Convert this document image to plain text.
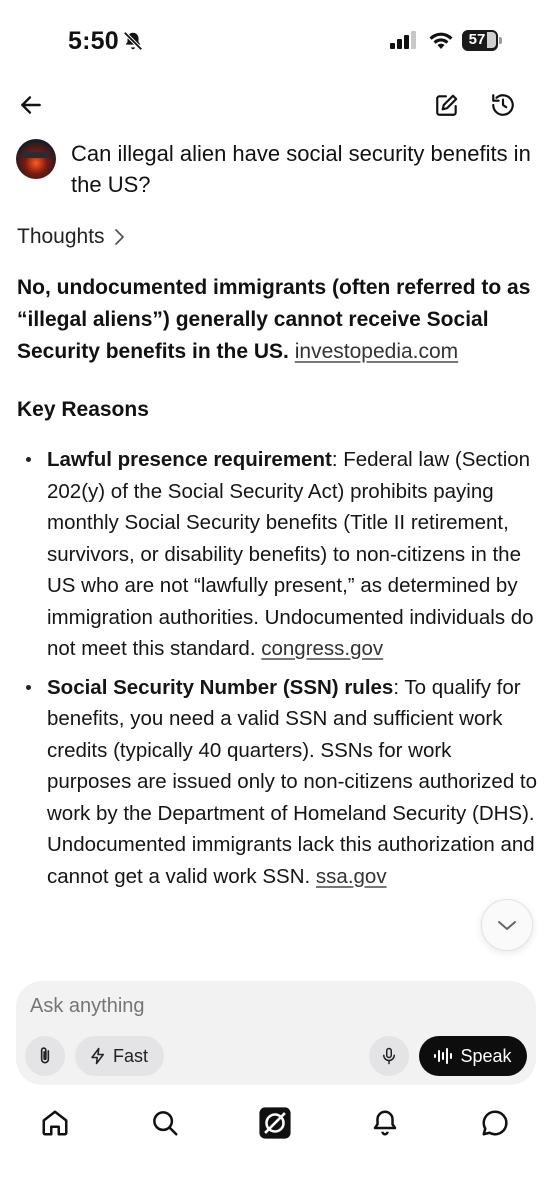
5:50	57
Can illegal alien have social security benefits in the US?
Thoughts
No, undocumented immigrants (often referred to as “illegal aliens”) generally cannot receive Social Security benefits in the US. investopedia.com
Key Reasons
Lawful presence requirement: Federal law (Section 202(y) of the Social Security Act) prohibits paying monthly Social Security benefits (Title II retirement, survivors, or disability benefits) to non-citizens in the US who are not “lawfully present,” as determined by immigration authorities. Undocumented individuals do not meet this standard. congress.gov
Social Security Number (SSN) rules: To qualify for benefits, you need a valid SSN and sufficient work credits (typically 40 quarters). SSNs for work purposes are issued only to non-citizens authorized to work by the Department of Homeland Security (DHS). Undocumented immigrants lack this authorization and cannot get a valid work SSN. ssa.gov
Ask anything
Fast	Speak
